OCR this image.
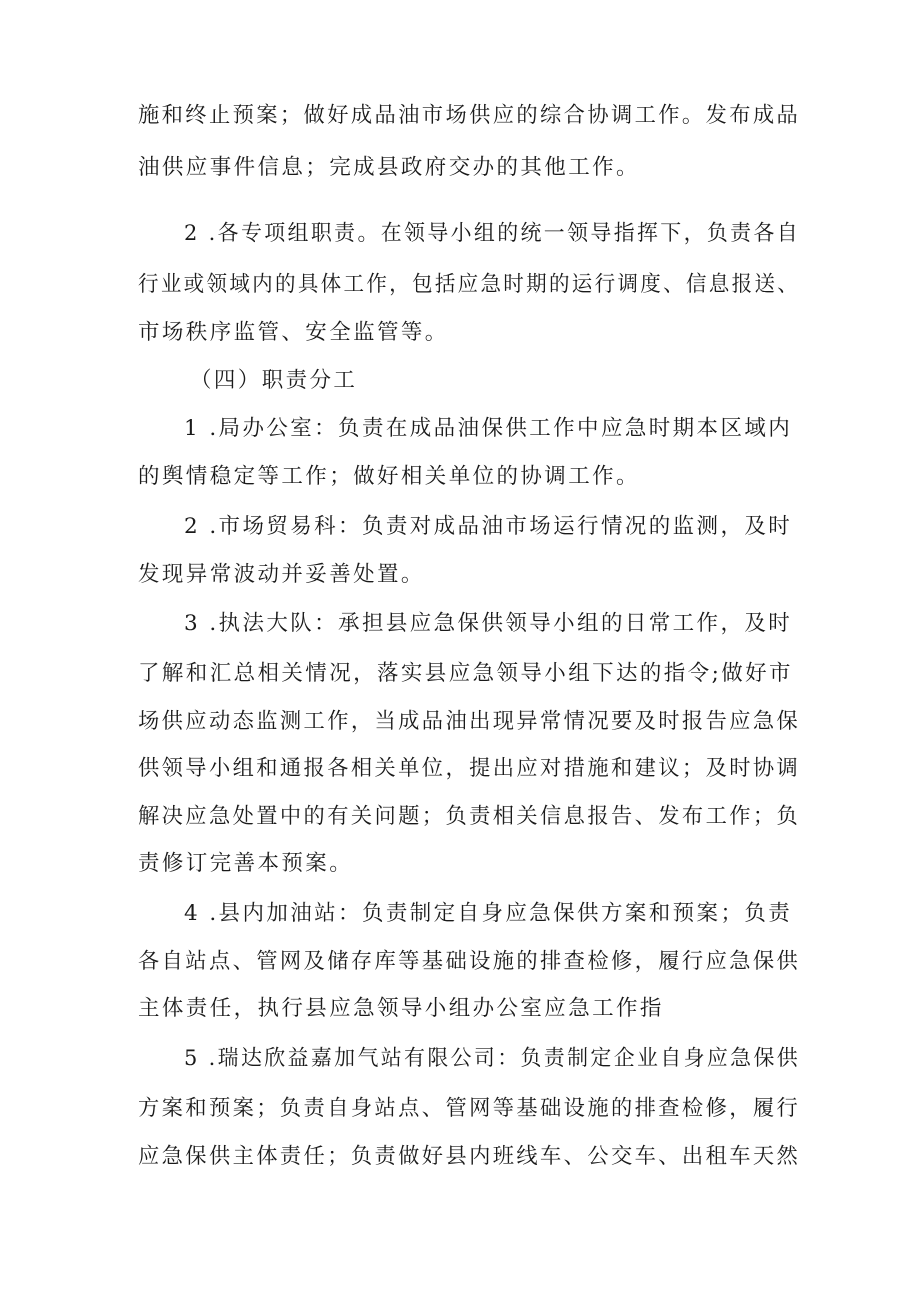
施和终止预案；做好成品油市场供应的综合协调工作。发布成品
油供应事件信息；完成县政府交办的其他工作。
2 .各专项组职责。在领导小组的统一领导指挥下，负责各自
行业或领域内的具体工作，包括应急时期的运行调度、信息报送、
市场秩序监管、安全监管等。
（四）职责分工
1 .局办公室：负责在成品油保供工作中应急时期本区域内
的舆情稳定等工作；做好相关单位的协调工作。
2 .市场贸易科：负责对成品油市场运行情况的监测，及时
发现异常波动并妥善处置。
3 .执法大队：承担县应急保供领导小组的日常工作，及时
了解和汇总相关情况，落实县应急领导小组下达的指令;做好市
场供应动态监测工作，当成品油出现异常情况要及时报告应急保
供领导小组和通报各相关单位，提出应对措施和建议；及时协调
解决应急处置中的有关问题；负责相关信息报告、发布工作；负
责修订完善本预案。
4 .县内加油站：负责制定自身应急保供方案和预案；负责
各自站点、管网及储存库等基础设施的排查检修，履行应急保供
主体责任，执行县应急领导小组办公室应急工作指
5 .瑞达欣益嘉加气站有限公司：负责制定企业自身应急保供
方案和预案；负责自身站点、管网等基础设施的排查检修，履行
应急保供主体责任；负责做好县内班线车、公交车、出租车天然
